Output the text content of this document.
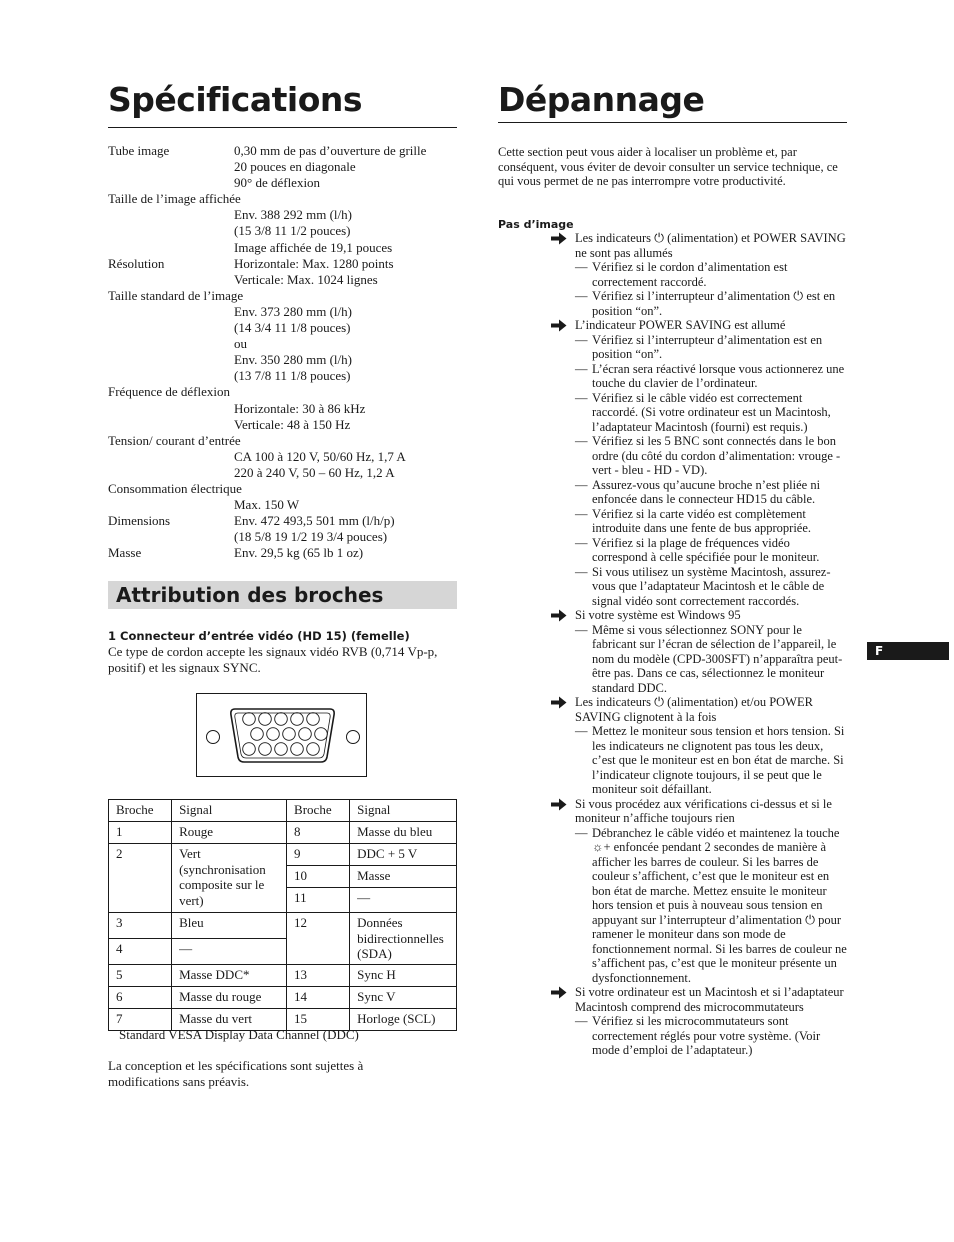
Spécifications
Tube image	0,30 mm de pas d’ouverture de grille
20 pouces en diagonale
90° de déflexion
Taille de l’image affichée
Env. 388 292 mm (l/h)
(15 3/8 11 1/2 pouces)
Image affichée de 19,1 pouces
Résolution	Horizontale: Max. 1280 points
Verticale: Max. 1024 lignes
Taille standard de l’image
Env. 373 280 mm (l/h)
(14 3/4 11 1/8 pouces)
ou
Env. 350 280 mm (l/h)
(13 7/8 11 1/8 pouces)
Fréquence de déflexion
Horizontale: 30 à 86 kHz
Verticale: 48 à 150 Hz
Tension/ courant d’entrée
CA 100 à 120 V, 50/60 Hz, 1,7 A
220 à 240 V, 50 – 60 Hz, 1,2 A
Consommation électrique
Max. 150 W
Dimensions	Env. 472 493,5 501 mm (l/h/p)
(18 5/8 19 1/2 19 3/4 pouces)
Masse	Env. 29,5 kg (65 lb 1 oz)
Attribution des broches
1 Connecteur d’entrée vidéo (HD 15) (femelle)
Ce type de cordon accepte les signaux vidéo RVB (0,714 Vp-p, positif) et les signaux SYNC.
Broche	Signal	Broche	Signal
1	Rouge	8	Masse du bleu
2	Vert (synchronisation composite sur le vert)	9	DDC + 5 V
		10	Masse
		11	—
3	Bleu	12	Données bidirectionnelles (SDA)
4	—		
5	Masse DDC*	13	Sync H
6	Masse du rouge	14	Sync V
7	Masse du vert	15	Horloge (SCL)
Standard VESA Display Data Channel (DDC)
La conception et les spécifications sont sujettes à modifications sans préavis.
Dépannage
Cette section peut vous aider à localiser un problème et, par conséquent, vous éviter de devoir consulter un service technique, ce qui vous permet de ne pas interrompre votre productivité.
Pas d’image
Les indicateurs ⏻ (alimentation) et POWER SAVING ne sont pas allumés
— Vérifiez si le cordon d’alimentation est correctement raccordé.
— Vérifiez si l’interrupteur d’alimentation ⏻ est en position “on”.
L’indicateur POWER SAVING est allumé
— Vérifiez si l’interrupteur d’alimentation est en position “on”.
— L’écran sera réactivé lorsque vous actionnerez une touche du clavier de l’ordinateur.
— Vérifiez si le câble vidéo est correctement raccordé. (Si votre ordinateur est un Macintosh, l’adaptateur Macintosh (fourni) est requis.)
— Vérifiez si les 5 BNC sont connectés dans le bon ordre (du côté du cordon d’alimentation: vrouge - vert - bleu - HD - VD).
— Assurez-vous qu’aucune broche n’est pliée ni enfoncée dans le connecteur HD15 du câble.
— Vérifiez si la carte vidéo est complètement introduite dans une fente de bus appropriée.
— Vérifiez si la plage de fréquences vidéo correspond à celle spécifiée pour le moniteur.
— Si vous utilisez un système Macintosh, assurez-vous que l’adaptateur Macintosh et le câble de signal vidéo sont correctement raccordés.
Si votre système est Windows 95
— Même si vous sélectionnez SONY pour le fabricant sur l’écran de sélection de l’appareil, le nom du modèle (CPD-300SFT) n’apparaîtra peut-être pas. Dans ce cas, sélectionnez le moniteur standard DDC.
Les indicateurs ⏻ (alimentation) et/ou POWER SAVING clignotent à la fois
— Mettez le moniteur sous tension et hors tension. Si les indicateurs ne clignotent pas tous les deux, c’est que le moniteur est en bon état de marche. Si l’indicateur clignote toujours, il se peut que le moniteur soit défaillant.
Si vous procédez aux vérifications ci-dessus et si le moniteur n’affiche toujours rien
— Débranchez le câble vidéo et maintenez la touche ☼+ enfoncée pendant 2 secondes de manière à afficher les barres de couleur. Si les barres de couleur s’affichent, c’est que le moniteur est en bon état de marche. Mettez ensuite le moniteur hors tension et puis à nouveau sous tension en appuyant sur l’interrupteur d’alimentation ⏻ pour ramener le moniteur dans son mode de fonctionnement normal. Si les barres de couleur ne s’affichent pas, c’est que le moniteur présente un dysfonctionnement.
Si votre ordinateur est un Macintosh et si l’adaptateur Macintosh comprend des microcommutateurs
— Vérifiez si les microcommutateurs sont correctement réglés pour votre système. (Voir mode d’emploi de l’adaptateur.)
F
